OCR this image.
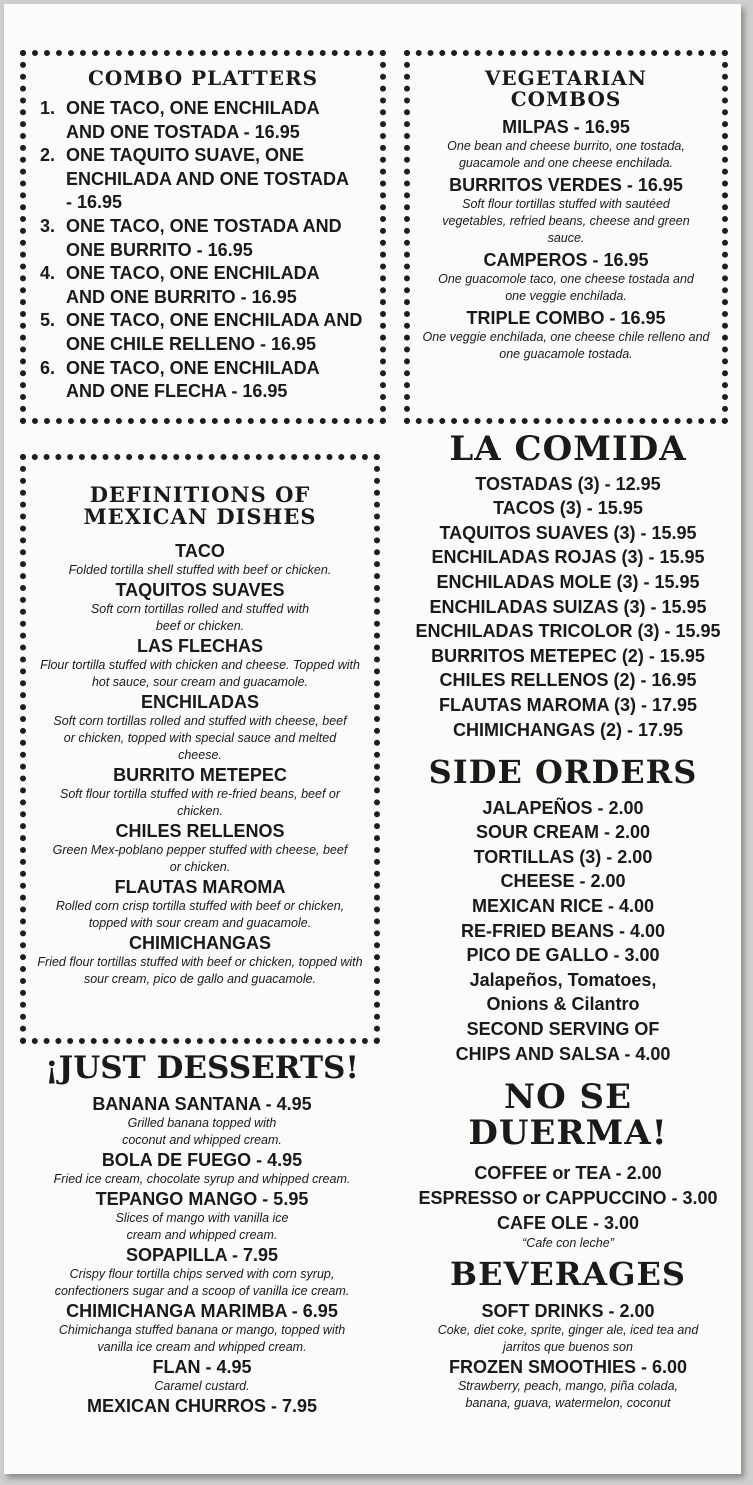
COMBO PLATTERS
1. ONE TACO, ONE ENCHILADA AND ONE TOSTADA - 16.95
2. ONE TAQUITO SUAVE, ONE ENCHILADA AND ONE TOSTADA - 16.95
3. ONE TACO, ONE TOSTADA AND ONE BURRITO - 16.95
4. ONE TACO, ONE ENCHILADA AND ONE BURRITO - 16.95
5. ONE TACO, ONE ENCHILADA AND ONE CHILE RELLENO - 16.95
6. ONE TACO, ONE ENCHILADA AND ONE FLECHA - 16.95
VEGETARIAN COMBOS

MILPAS - 16.95

One bean and cheese burrito, one tostada, guacamole and one cheese enchilada.

BURRITOS VERDES - 16.95

Soft flour tortillas stuffed with sautéed vegetables, refried beans, cheese and green sauce.

CAMPEROS - 16.95

One guacomole taco, one cheese tostada and one veggie enchilada.

TRIPLE COMBO - 16.95

One veggie enchilada, one cheese chile relleno and one guacamole tostada.

DEFINITIONS OF MEXICAN DISHES

TACO

Folded tortilla shell stuffed with beef or chicken.

TAQUITOS SUAVES

Soft corn tortillas rolled and stuffed with beef or chicken.

LAS FLECHAS

Flour tortilla stuffed with chicken and cheese. Topped with hot sauce, sour cream and guacamole.

ENCHILADAS

Soft corn tortillas rolled and stuffed with cheese, beef or chicken, topped with special sauce and melted cheese.

BURRITO METEPEC

Soft flour tortilla stuffed with re-fried beans, beef or chicken.

CHILES RELLENOS

Green Mex-poblano pepper stuffed with cheese, beef or chicken.

FLAUTAS MAROMA

Rolled corn crisp tortilla stuffed with beef or chicken, topped with sour cream and guacamole.

CHIMICHANGAS

Fried flour tortillas stuffed with beef or chicken, topped with sour cream, pico de gallo and guacamole.

LA COMIDA
TOSTADAS (3) - 12.95
TACOS (3) - 15.95
TAQUITOS SUAVES (3) - 15.95
ENCHILADAS ROJAS (3) - 15.95
ENCHILADAS MOLE (3) - 15.95
ENCHILADAS SUIZAS (3) - 15.95
ENCHILADAS TRICOLOR (3) - 15.95
BURRITOS METEPEC (2) - 15.95
CHILES RELLENOS (2) - 16.95
FLAUTAS MAROMA (3) - 17.95
CHIMICHANGAS (2) - 17.95
SIDE ORDERS
JALAPEÑOS - 2.00
SOUR CREAM - 2.00
TORTILLAS (3) - 2.00
CHEESE - 2.00
MEXICAN RICE - 4.00
RE-FRIED BEANS - 4.00
PICO DE GALLO - 3.00
Jalapeños, Tomatoes,
Onions & Cilantro
SECOND SERVING OF
CHIPS AND SALSA - 4.00
¡JUST DESSERTS!

BANANA SANTANA - 4.95

Grilled banana topped with coconut and whipped cream.

BOLA DE FUEGO - 4.95

Fried ice cream, chocolate syrup and whipped cream.

TEPANGO MANGO - 5.95

Slices of mango with vanilla ice cream and whipped cream.

SOPAPILLA - 7.95

Crispy flour tortilla chips served with corn syrup, confectioners sugar and a scoop of vanilla ice cream.

CHIMICHANGA MARIMBA - 6.95

Chimichanga stuffed banana or mango, topped with vanilla ice cream and whipped cream.

FLAN - 4.95

Caramel custard.

MEXICAN CHURROS - 7.95

NO SE
DUERMA!
COFFEE or TEA - 2.00
ESPRESSO or CAPPUCCINO - 3.00
CAFE OLE - 3.00

“Cafe con leche”

BEVERAGES

SOFT DRINKS - 2.00

Coke, diet coke, sprite, ginger ale, iced tea and jarritos que buenos son

FROZEN SMOOTHIES - 6.00

Strawberry, peach, mango, piña colada, banana, guava, watermelon, coconut
